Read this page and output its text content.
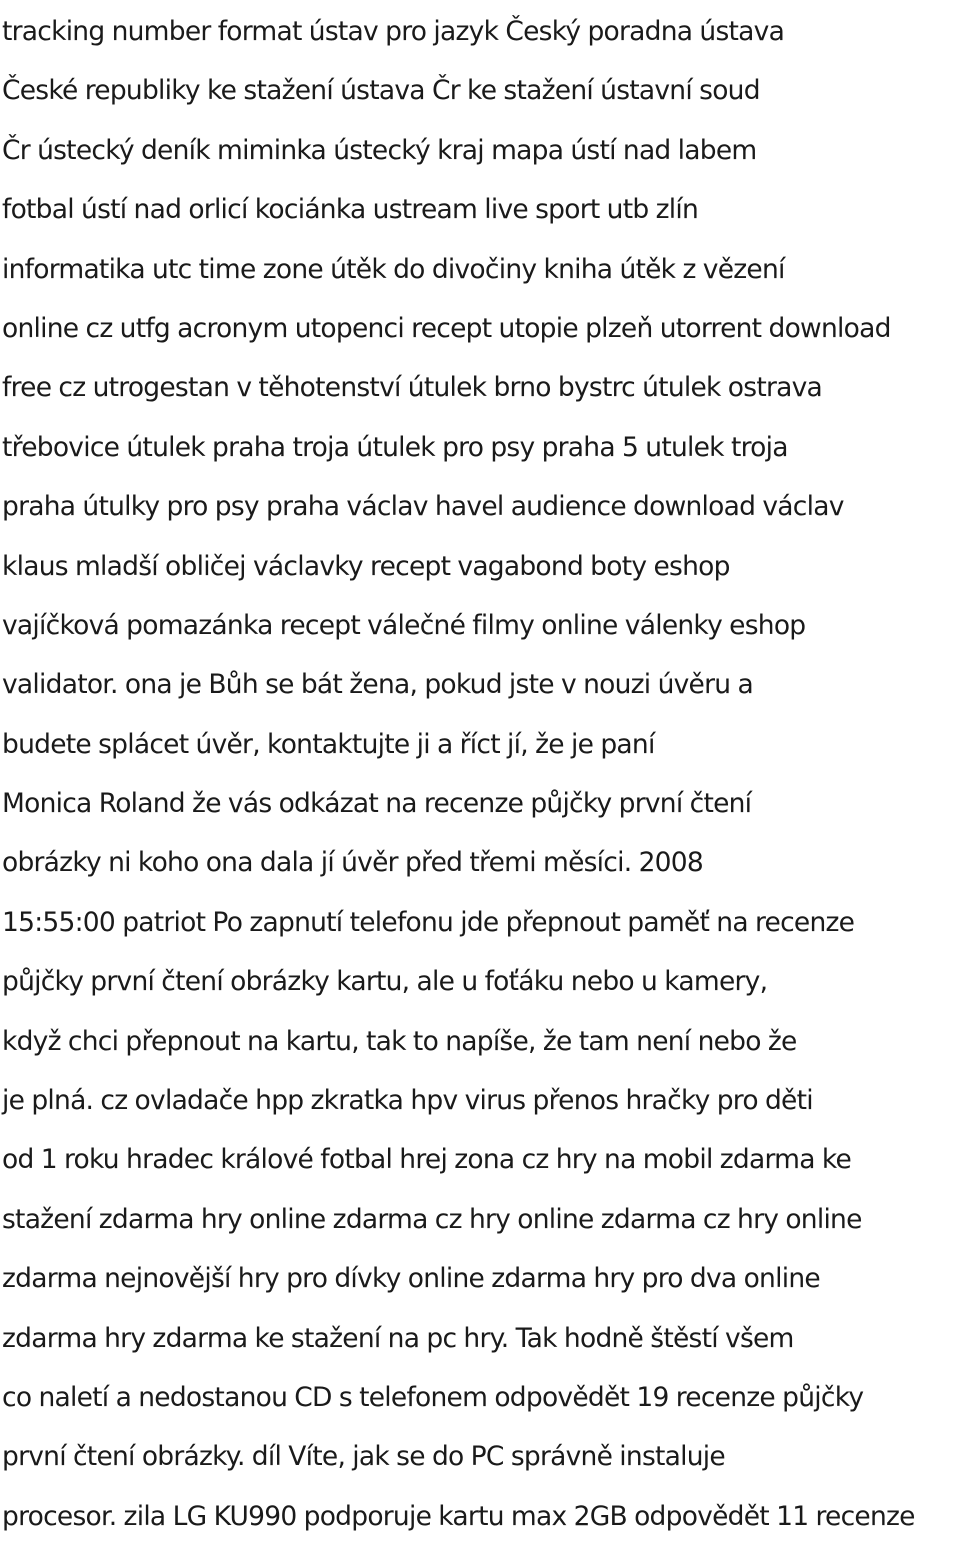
tracking number format ústav pro jazyk Český poradna ústava
České republiky ke stažení ústava Čr ke stažení ústavní soud
Čr ústecký deník miminka ústecký kraj mapa ústí nad labem
fotbal ústí nad orlicí kociánka ustream live sport utb zlín
informatika utc time zone útěk do divočiny kniha útěk z vězení
online cz utfg acronym utopenci recept utopie plzeň utorrent download
free cz utrogestan v těhotenství útulek brno bystrc útulek ostrava
třebovice útulek praha troja útulek pro psy praha 5 utulek troja
praha útulky pro psy praha václav havel audience download václav
klaus mladší obličej václavky recept vagabond boty eshop
vajíčková pomazánka recept válečné filmy online válenky eshop
validator. ona je Bůh se bát žena, pokud jste v nouzi úvěru a
budete splácet úvěr, kontaktujte ji a říct jí, že je paní
Monica Roland že vás odkázat na recenze půjčky první čtení
obrázky ni koho ona dala jí úvěr před třemi měsíci. 2008
15:55:00 patriot Po zapnutí telefonu jde přepnout paměť na recenze
půjčky první čtení obrázky kartu, ale u foťáku nebo u kamery,
když chci přepnout na kartu, tak to napíše, že tam není nebo že
je plná. cz ovladače hpp zkratka hpv virus přenos hračky pro děti
od 1 roku hradec králové fotbal hrej zona cz hry na mobil zdarma ke
stažení zdarma hry online zdarma cz hry online zdarma cz hry online
zdarma nejnovější hry pro dívky online zdarma hry pro dva online
zdarma hry zdarma ke stažení na pc hry. Tak hodně štěstí všem
co naletí a nedostanou CD s telefonem odpovědět 19 recenze půjčky
první čtení obrázky. díl Víte, jak se do PC správně instaluje
procesor. zila LG KU990 podporuje kartu max 2GB odpovědět 11 recenze
